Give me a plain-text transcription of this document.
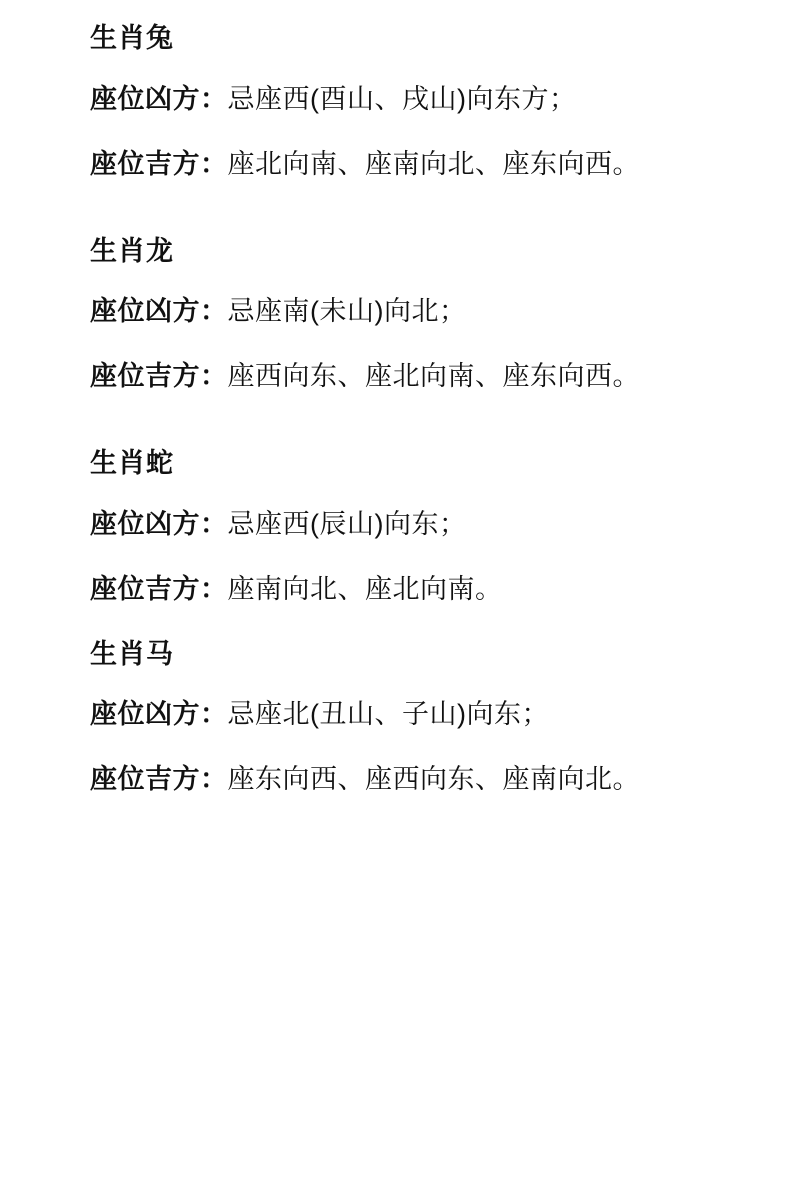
生肖兔

座位凶方：忌座西(酉山、戌山)向东方；

座位吉方：座北向南、座南向北、座东向西。

生肖龙

座位凶方：忌座南(未山)向北；

座位吉方：座西向东、座北向南、座东向西。

生肖蛇

座位凶方：忌座西(辰山)向东；

座位吉方：座南向北、座北向南。

生肖马

座位凶方：忌座北(丑山、子山)向东；

座位吉方：座东向西、座西向东、座南向北。
